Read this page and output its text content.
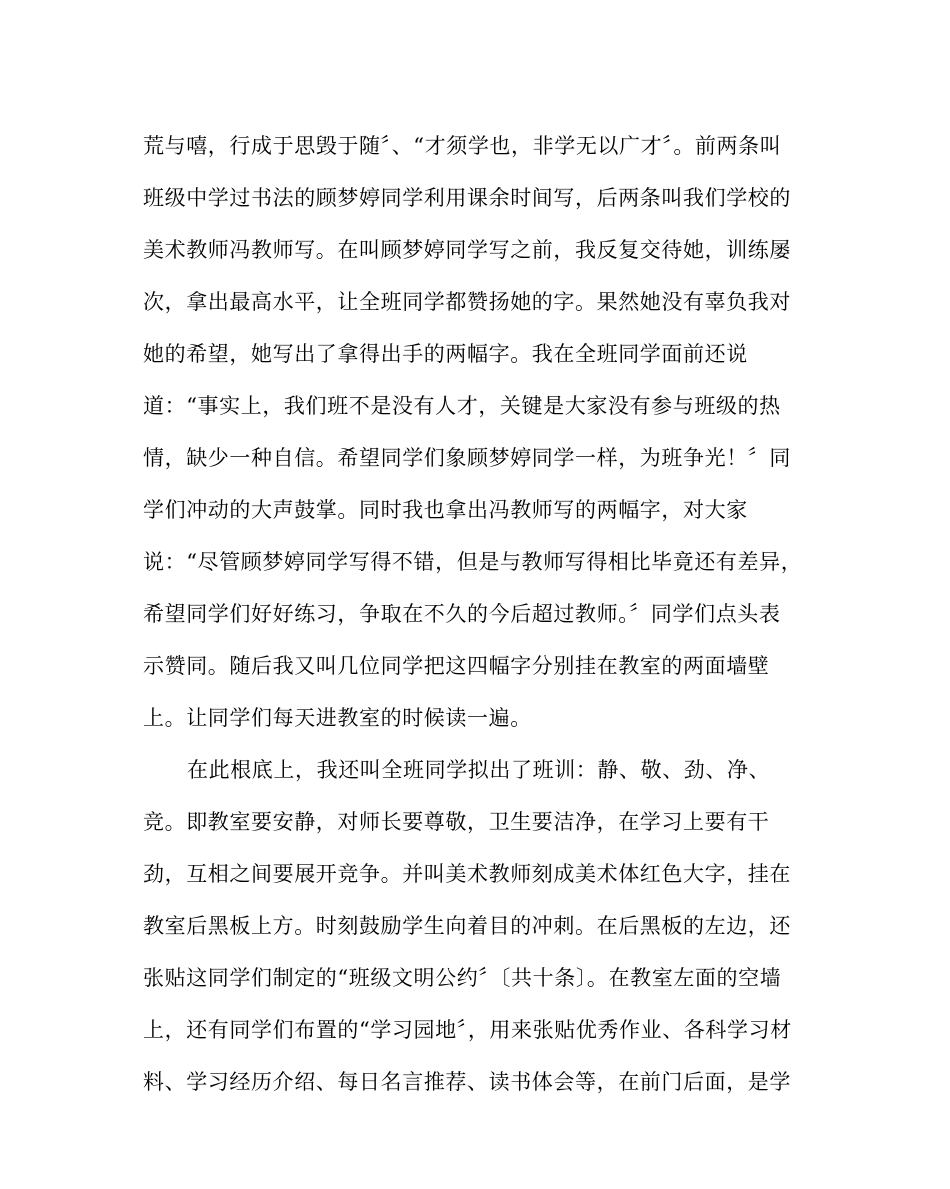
荒与嘻，行成于思毁于随〞、“才须学也，非学无以广才〞。前两条叫
班级中学过书法的顾梦婷同学利用课余时间写，后两条叫我们学校的
美术教师冯教师写。在叫顾梦婷同学写之前，我反复交待她，训练屡
次，拿出最高水平，让全班同学都赞扬她的字。果然她没有辜负我对
她的希望，她写出了拿得出手的两幅字。我在全班同学面前还说
道：“事实上，我们班不是没有人才，关键是大家没有参与班级的热
情，缺少一种自信。希望同学们象顾梦婷同学一样，为班争光！〞同
学们冲动的大声鼓掌。同时我也拿出冯教师写的两幅字，对大家
说：“尽管顾梦婷同学写得不错，但是与教师写得相比毕竟还有差异，
希望同学们好好练习，争取在不久的今后超过教师。〞同学们点头表
示赞同。随后我又叫几位同学把这四幅字分别挂在教室的两面墙壁
上。让同学们每天进教室的时候读一遍。
在此根底上，我还叫全班同学拟出了班训：静、敬、劲、净、
竞。即教室要安静，对师长要尊敬，卫生要洁净，在学习上要有干
劲，互相之间要展开竞争。并叫美术教师刻成美术体红色大字，挂在
教室后黑板上方。时刻鼓励学生向着目的冲刺。在后黑板的左边，还
张贴这同学们制定的“班级文明公约〞〔共十条〕。在教室左面的空墙
上，还有同学们布置的“学习园地〞，用来张贴优秀作业、各科学习材
料、学习经历介绍、每日名言推荐、读书体会等，在前门后面，是学
